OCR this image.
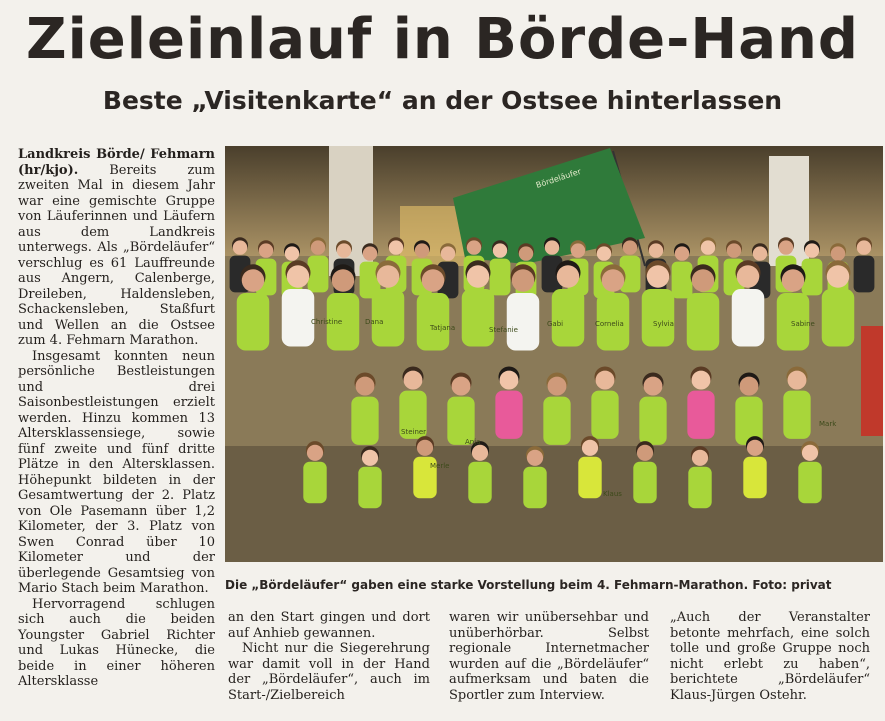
Zieleinlauf in Börde-Hand
Beste „Visitenkarte“ an der Ostsee hinterlassen

Landkreis Börde/ Fehmarn (hr/kjo). Bereits zum zweiten Mal in diesem Jahr war eine gemischte Gruppe von Läuferinnen und Läufern aus dem Landkreis unterwegs. Als „Bördeläufer“ verschlug es 61 Lauffreunde aus Angern, Calenberge, Dreileben, Haldensleben, Schackensleben, Staßfurt und Wellen an die Ostsee zum 4. Fehmarn Marathon.

Insgesamt konnten neun persönliche Bestleistungen und drei Saisonbestleistungen erzielt werden. Hinzu kommen 13 Altersklassensiege, sowie fünf zweite und fünf dritte Plätze in den Altersklassen. Höhepunkt bildeten in der Gesamtwertung der 2. Platz von Ole Pasemann über 1,2 Kilometer, der 3. Platz von Swen Conrad über 10 Kilometer und der überlegende Gesamtsieg von Mario Stach beim Marathon.

Hervorragend schlugen sich auch die beiden Youngster Gabriel Richter und Lukas Hünecke, die beide in einer höheren Altersklasse

Bördeläufer
Christine	Dana
Tatjana	Stefanie
Gabi	Cornelia	Sylvia	Sabine
Steiner
Anja
Merle
Klaus
Mark

Die „Bördeläufer“ gaben eine starke Vorstellung beim 4. Fehmarn-Marathon. Foto: privat

an den Start gingen und dort auf Anhieb gewannen.

Nicht nur die Siegerehrung war damit voll in der Hand der „Bördeläufer“, auch im Start-/Zielbereich

waren wir unübersehbar und unüberhörbar. Selbst regionale Internetmacher wurden auf die „Bördeläufer“ aufmerksam und baten die Sportler zum Interview.

„Auch der Veranstalter betonte mehrfach, eine solch tolle und große Gruppe noch nicht erlebt zu haben“, berichtete „Bördeläufer“ Klaus-Jürgen Ostehr.
